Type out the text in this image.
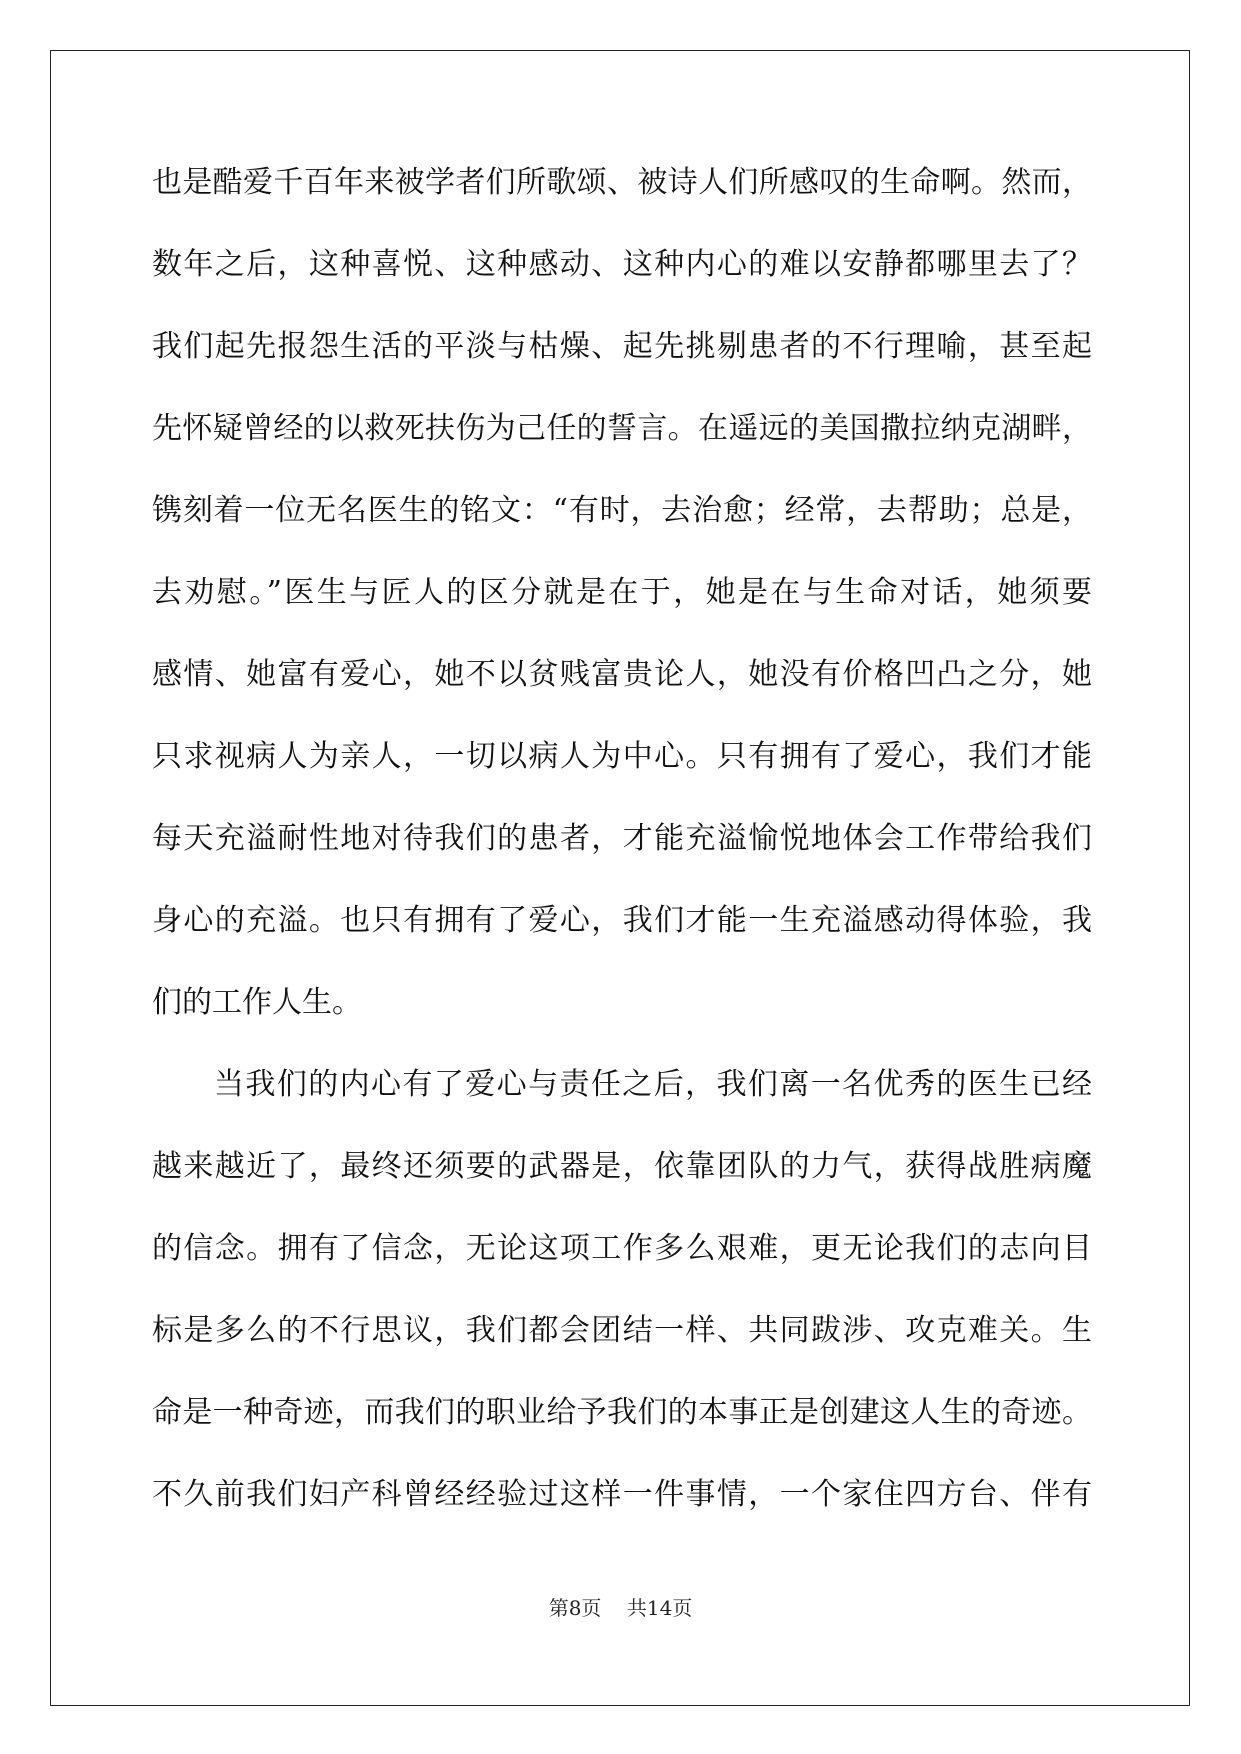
也是酷爱千百年来被学者们所歌颂、被诗人们所感叹的生命啊。然而，
数年之后，这种喜悦、这种感动、这种内心的难以安静都哪里去了？
我们起先报怨生活的平淡与枯燥、起先挑剔患者的不行理喻，甚至起
先怀疑曾经的以救死扶伤为己任的誓言。在遥远的美国撒拉纳克湖畔，
镌刻着一位无名医生的铭文：“有时，去治愈；经常，去帮助；总是，
去劝慰。”医生与匠人的区分就是在于，她是在与生命对话，她须要
感情、她富有爱心，她不以贫贱富贵论人，她没有价格凹凸之分，她
只求视病人为亲人，一切以病人为中心。只有拥有了爱心，我们才能
每天充溢耐性地对待我们的患者，才能充溢愉悦地体会工作带给我们
身心的充溢。也只有拥有了爱心，我们才能一生充溢感动得体验，我
们的工作人生。
当我们的内心有了爱心与责任之后，我们离一名优秀的医生已经
越来越近了，最终还须要的武器是，依靠团队的力气，获得战胜病魔
的信念。拥有了信念，无论这项工作多么艰难，更无论我们的志向目
标是多么的不行思议，我们都会团结一样、共同跋涉、攻克难关。生
命是一种奇迹，而我们的职业给予我们的本事正是创建这人生的奇迹。
不久前我们妇产科曾经经验过这样一件事情，一个家住四方台、伴有
第8页 共14页
